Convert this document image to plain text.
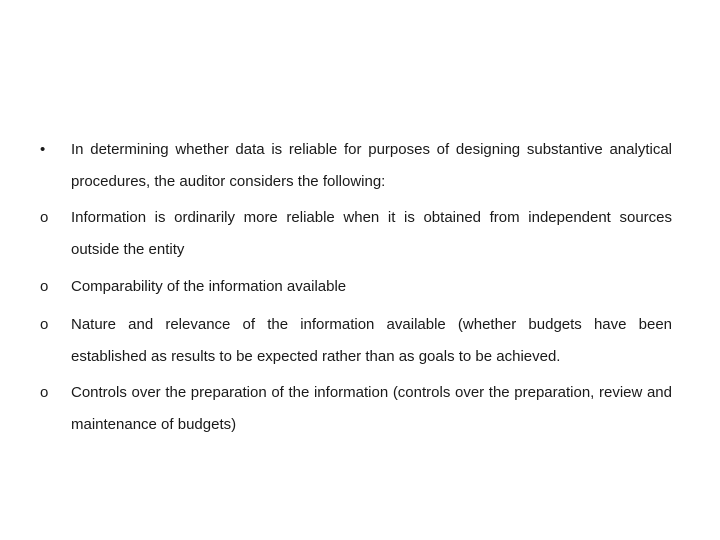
•	In determining whether data is reliable for purposes of designing substantive analytical procedures, the auditor considers the following:
o	Information is ordinarily more reliable when it is obtained from independent sources outside the entity
o	Comparability of the information available
o	Nature and relevance of the information available (whether budgets have been established as results to be expected rather than as goals to be achieved.
o	Controls over the preparation of the information (controls over the preparation, review and maintenance of budgets)
